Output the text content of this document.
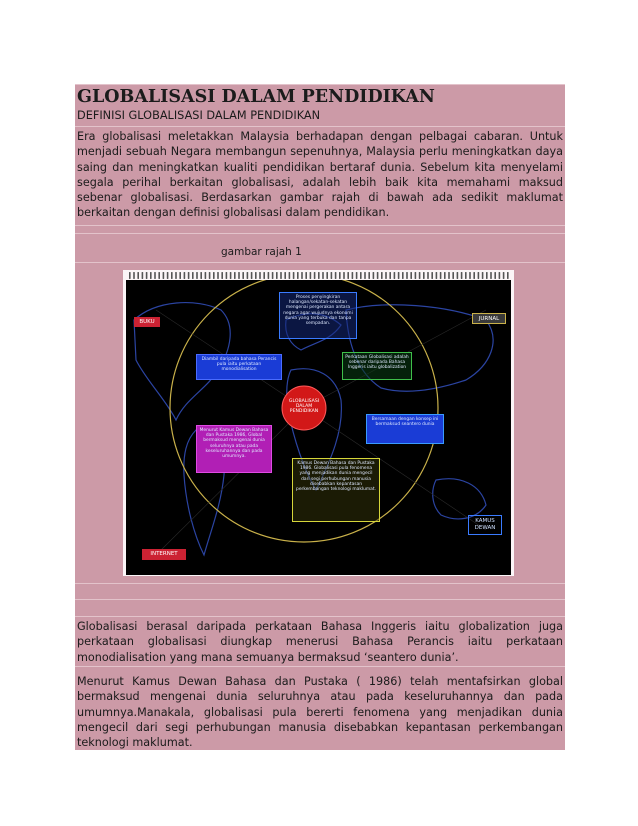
GLOBALISASI DALAM PENDIDIKAN
DEFINISI GLOBALISASI DALAM PENDIDIKAN
Era globalisasi meletakkan Malaysia berhadapan dengan pelbagai cabaran. Untuk menjadi sebuah Negara membangun sepenuhnya, Malaysia perlu meningkatkan daya saing dan meningkatkan kualiti pendidikan bertaraf dunia. Sebelum kita menyelami segala perihal berkaitan globalisasi, adalah lebih baik kita memahami maksud sebenar globalisasi. Berdasarkan gambar rajah di bawah ada sedikit maklumat berkaitan dengan definisi globalisasi dalam pendidikan.
gambar rajah 1
GLOBALISASI DALAM PENDIDIKAN
Proses penyingkiran halangan/sekatan-sekatan mengenai pergerakan antara negara agar wujudnya ekonomi dunia yang terbuka dan tanpa sempadan.
Diambil daripada bahasa Perancis pula iaitu perkataan monodialisation
Perkataan Globalisasi adalah sebenar daripada Bahasa Inggeris iaitu globalization
Bersamaan dengan konsep ini bermaksud seantero dunia
Menurut Kamus Dewan Bahasa dan Pustaka 1986, Global bermaksud mengenai dunia seluruhnya atau pada keseluruhannya dan pada umumnya.
Kamus Dewan Bahasa dan Pustaka 1986. Globalisasi pula fenomena yang menjadikan dunia mengecil dari segi perhubungan manusia disebabkan kepantasan perkembangan teknologi maklumat.
BUKU	JURNAL
KAMUS DEWAN
INTERNET
Globalisasi berasal daripada perkataan Bahasa Inggeris iaitu globalization juga perkataan globalisasi diungkap menerusi Bahasa Perancis iaitu perkataan monodialisation yang mana semuanya bermaksud ‘seantero dunia’.
Menurut Kamus Dewan Bahasa dan Pustaka ( 1986) telah mentafsirkan global bermaksud mengenai dunia seluruhnya atau pada keseluruhannya dan pada umumnya.Manakala, globalisasi pula bererti fenomena yang menjadikan dunia mengecil dari segi perhubungan manusia disebabkan kepantasan perkembangan teknologi maklumat.
